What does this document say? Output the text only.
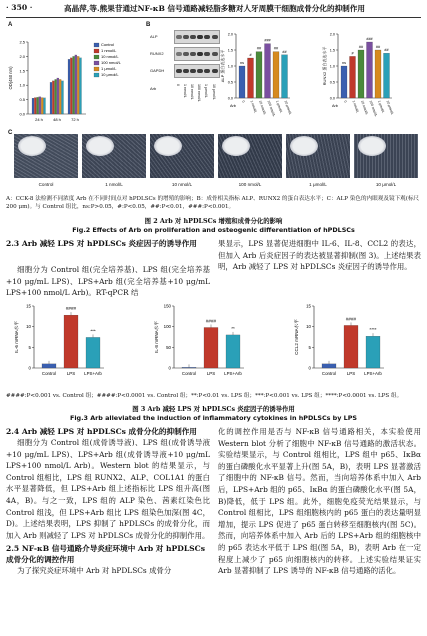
· 350 ·	高晶萍,等.熊果苷通过NF-κB 信号通路减轻脂多糖对人牙周膜干细胞成骨分化的抑制作用
A
0.0
0.5
1.0
1.5
2.0
2.5
OD(450 nm)
24 h	48 h	72 h
Control
1 nmol/L
10 nmol/L
100 nmol/L
1 μmol/L
10 μmol/L
B
ALP
RUNX2
GAPDH
Arb
0 1 nmol/L 10 nmol/L 100 nmol/L 1 μmol/L 10 μmol/L	0.0
0.5
1.0
1.5
2.0
ALP 蛋白表达水平	ns
0
#
1 nmol/L
##
10 nmol/L
###
100 nmol/L
##
1 μmol/L
##
10 μmol/L
Arb
0.0
0.5
1.0
1.5
2.0
RUNX2 蛋白表达水平	ns
0
#
1 nmol/L
##
10 nmol/L
###
100 nmol/L
##
1 μmol/L
##
10 μmol/L
Arb
C
Control	1 nmol/L	10 nmol/L	100 nmol/L	1 μmol/L	10 μmol/L
A：CCK-8 法检测不同浓度 Arb 在不同时间点对 hPDLSCs 的增殖的影响；B：成骨相关指标 ALP、RUNX2 的蛋白表达水平；C：ALP 染色的内眼观及镜下观(标尺 200 μm)。与 Control 组比，ns:P>0.05，#:P<0.05，##:P<0.01，###:P<0.001。
图 2 Arb 对 hPDLSCs 增殖和成骨分化的影响
Fig.2 Effects of Arb on proliferation and osteogenic differentiation of hPDLSCs
2.3 Arb 减轻 LPS 对 hPDLSCs 炎症因子的诱导作用

细胞分为 Control 组(完全培养基)、LPS 组(完全培养基+10 μg/mL LPS)、LPS+Arb 组(完全培养基+10 μg/mL LPS+100 nmol/L Arb)。RT-qPCR 结

果显示，LPS 显著促进细胞中 IL-6、IL-8、CCL2 的表达，但加入 Arb 后炎症因子的表达被显著抑制(图 3)。上述结果表明，Arb 减轻了 LPS 对 hPDLSCs 炎症因子的诱导作用。

0
5
10
15
IL-6 mRNA水平
Control
####
LPS
***
LPS+Arb
0
50
100
150
IL-8 mRNA水平
Control
####
LPS
**
LPS+Arb
0
5
10
15
CCL2 mRNA水平
Control
####
LPS
****
LPS+Arb
####:P<0.001 vs. Control 组；####:P<0.0001 vs. Control 组；**:P<0.01 vs. LPS 组；***:P<0.001 vs. LPS 组；****:P<0.0001 vs. LPS 组。
图 3 Arb 减轻 LPS 对 hPDLSCs 炎症因子的诱导作用
Fig.3 Arb alleviated the induction of inflammatory cytokines in hPDLSCs by LPS
2.4 Arb 减轻 LPS 对 hPDLSCs 成骨分化的抑制作用

细胞分为 Control 组(成骨诱导液)、LPS 组(成骨诱导液+10 μg/mL LPS)、LPS+Arb 组(成骨诱导液+10 μg/mL LPS+100 nmol/L Arb)。Western blot 的结果显示，与 Control 组相比，LPS 组 RUNX2、ALP、COL1A1 的蛋白水平显著降低，但 LPS+Arb 组上述指标比 LPS 组升高(图 4A，B)。与之一致，LPS 组的 ALP 染色、茜素红染色比 Control 组浅，但 LPS+Arb 组比 LPS 组染色加深(图 4C，D)。上述结果表明，LPS 抑制了 hPDLSCs 的成骨分化，而加入 Arb 则减轻了 LPS 对 hPDLSCs 成骨分化的抑制作用。

2.5 NF-κB 信号通路介导炎症环境中 Arb 对 hPDLSCs 成骨分化的调控作用

为了探究炎症环境中 Arb 对 hPDLSCs 成骨分

化的调控作用是否与 NF-κB 信号通路相关，本实验使用 Western blot 分析了细胞中 NF-κB 信号通路的激活状态。实验结果显示，与 Control 组相比，LPS 组中 p65、IκBα 的蛋白磷酸化水平显著上升(图 5A，B)，表明 LPS 显著激活了细胞中的 NF-κB 信号。然而，当向培养体系中加入 Arb 后，LPS+Arb 组的 p65、IκBα 的蛋白磷酸化水平(图 5A，B)降低，低于 LPS 组。此外，细胞免疫荧光结果显示，与 Control 组相比，LPS 组细胞核内的 p65 蛋白的表达量明显增加，提示 LPS 促进了 p65 蛋白转移至细胞核内(图 5C)。然而，向培养体系中加入 Arb 后的 LPS+Arb 组的细胞核中的 p65 表达水平低于 LPS 组(图 5A，B)，表明 Arb 在一定程度上减少了 p65 向细胞核内的转移。上述实验结果证实 Arb 显著抑制了 LPS 诱导的 NF-κB 信号通路的活化。
